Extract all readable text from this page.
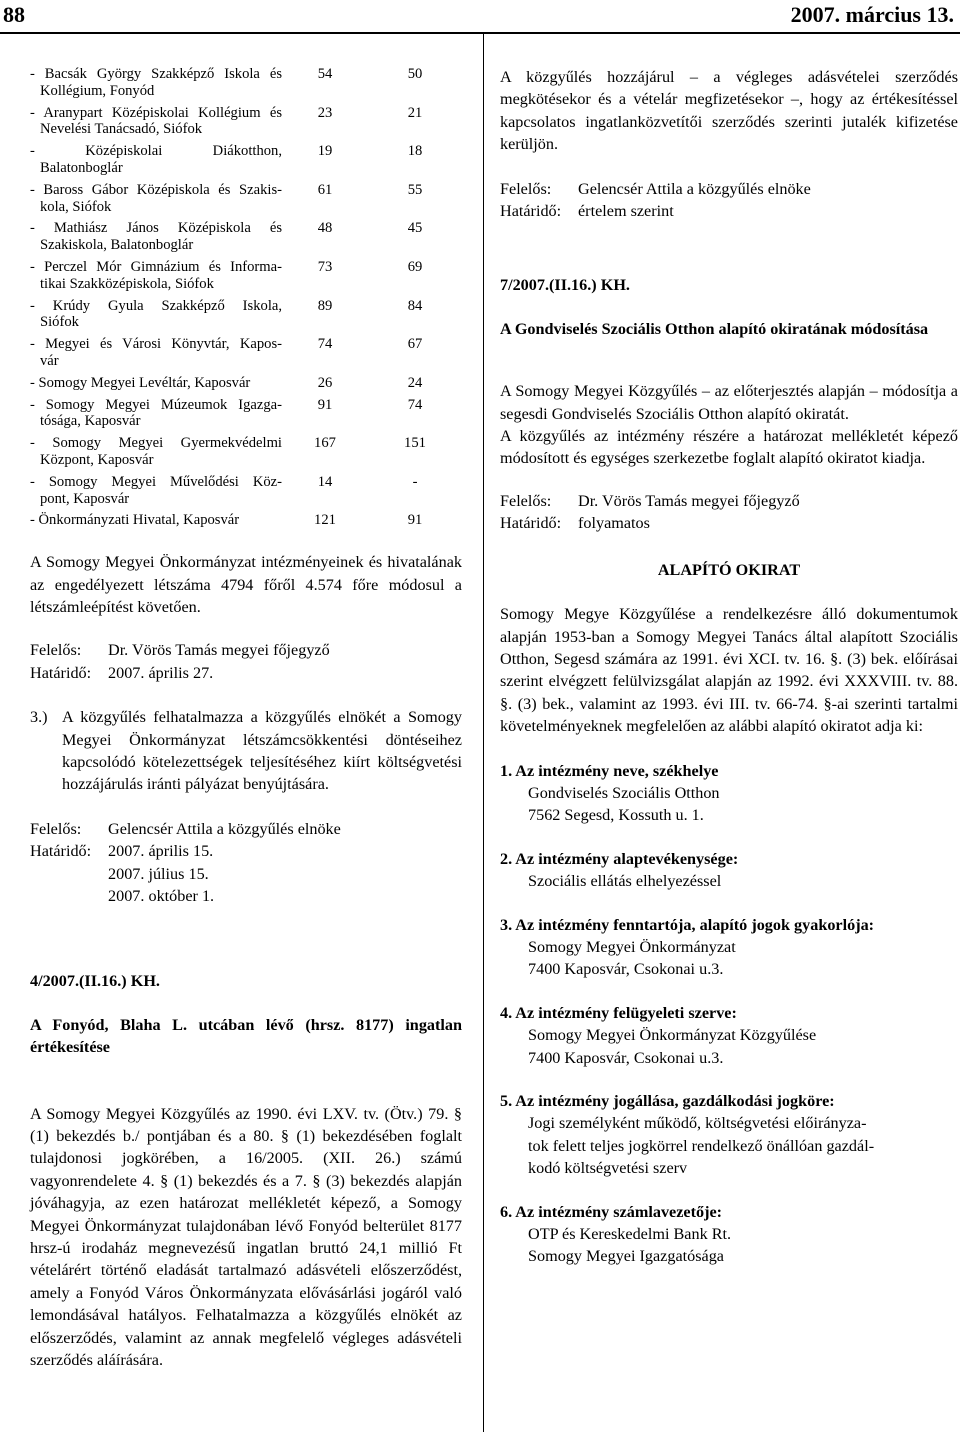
88	2007. március 13.
- Bacsák György Szakképző Iskola és
Kollégium, Fonyód
54	50
- Aranypart Középiskolai Kollégium és
Nevelési Tanácsadó, Siófok
23	21
- Középiskolai Diákotthon,
Balatonboglár
19	18
- Baross Gábor Középiskola és Szakis-
kola, Siófok
61	55
- Mathiász János Középiskola és
Szakiskola, Balatonboglár
48	45
- Perczel Mór Gimnázium és Informa-
tikai Szakközépiskola, Siófok
73	69
- Krúdy Gyula Szakképző Iskola,
Siófok
89	84
- Megyei és Városi Könyvtár, Kapos-
vár
74	67
- Somogy Megyei Levéltár, Kaposvár	26	24
- Somogy Megyei Múzeumok Igazga-
tósága, Kaposvár
91	74
- Somogy Megyei Gyermekvédelmi
Központ, Kaposvár
167	151
- Somogy Megyei Művelődési Köz-
pont, Kaposvár
14	-
- Önkormányzati Hivatal, Kaposvár	121	91

A Somogy Megyei Önkormányzat intézményeinek és hivatalának az engedélyezett létszáma 4794 főről 4.574 főre módosul a létszámleépítést követően.

Felelős: Dr. Vörös Tamás megyei főjegyző
Határidő: 2007. április 27.
3.) A közgyűlés felhatalmazza a közgyűlés elnökét a Somogy Megyei Önkormányzat létszámcsökkentési döntéseihez kapcsolódó kötelezettségek teljesítéséhez kiírt költségvetési hozzájárulás iránti pályázat benyújtására.
Felelős: Gelencsér Attila a közgyűlés elnöke
Határidő: 2007. április 15.
2007. július 15.
2007. október 1.

4/2007.(II.16.) KH.

A Fonyód, Blaha L. utcában lévő (hrsz. 8177) ingatlan értékesítése

A Somogy Megyei Közgyűlés az 1990. évi LXV. tv. (Ötv.) 79. § (1) bekezdés b./ pontjában és a 80. § (1) bekezdésében foglalt tulajdonosi jogkörében, a 16/2005. (XII. 26.) számú vagyonrendelete 4. § (1) bekezdés és a 7. § (3) bekezdés alapján jóváhagyja, az ezen határozat mellékletét képező, a Somogy Megyei Önkormányzat tulajdonában lévő Fonyód belterület 8177 hrsz-ú irodaház megnevezésű ingatlan bruttó 24,1 millió Ft vételárért történő eladását tartalmazó adásvételi előszerződést, amely a Fonyód Város Önkormányzata elővásárlási jogáról való lemondásával hatályos. Felhatalmazza a közgyűlés elnökét az előszerződés, valamint az annak megfelelő végleges adásvételi szerződés aláírására.

A közgyűlés hozzájárul – a végleges adásvételei szerződés megkötésekor és a vételár megfizetésekor –, hogy az értékesítéssel kapcsolatos ingatlanközvetítői szerződés szerinti jutalék kifizetése kerüljön.

Felelős: Gelencsér Attila a közgyűlés elnöke
Határidő: értelem szerint

7/2007.(II.16.) KH.

A Gondviselés Szociális Otthon alapító okiratának módosítása

A Somogy Megyei Közgyűlés – az előterjesztés alapján – módosítja a segesdi Gondviselés Szociális Otthon alapító okiratát.

A közgyűlés az intézmény részére a határozat mellékletét képező módosított és egységes szerkezetbe foglalt alapító okiratot kiadja.

Felelős: Dr. Vörös Tamás megyei főjegyző
Határidő: folyamatos

ALAPÍTÓ OKIRAT

Somogy Megye Közgyűlése a rendelkezésre álló dokumentumok alapján 1953-ban a Somogy Megyei Tanács által alapított Szociális Otthon, Segesd számára az 1991. évi XCI. tv. 16. §. (3) bek. előírásai szerint elvégzett felülvizsgálat alapján az 1992. évi XXXVIII. tv. 88. §. (3) bek., valamint az 1993. évi III. tv. 66-74. §-ai szerinti tartalmi követelményeknek megfelelően az alábbi alapító okiratot adja ki:

1. Az intézmény neve, székhelye
Gondviselés Szociális Otthon
7562 Segesd, Kossuth u. 1.
2. Az intézmény alaptevékenysége:
Szociális ellátás elhelyezéssel
3. Az intézmény fenntartója, alapító jogok gyakorlója:
Somogy Megyei Önkormányzat
7400 Kaposvár, Csokonai u.3.
4. Az intézmény felügyeleti szerve:
Somogy Megyei Önkormányzat Közgyűlése
7400 Kaposvár, Csokonai u.3.
5. Az intézmény jogállása, gazdálkodási jogköre:
Jogi személyként működő, költségvetési előirányza-
tok felett teljes jogkörrel rendelkező önállóan gazdál-
kodó költségvetési szerv
6. Az intézmény számlavezetője:
OTP és Kereskedelmi Bank Rt.
Somogy Megyei Igazgatósága
